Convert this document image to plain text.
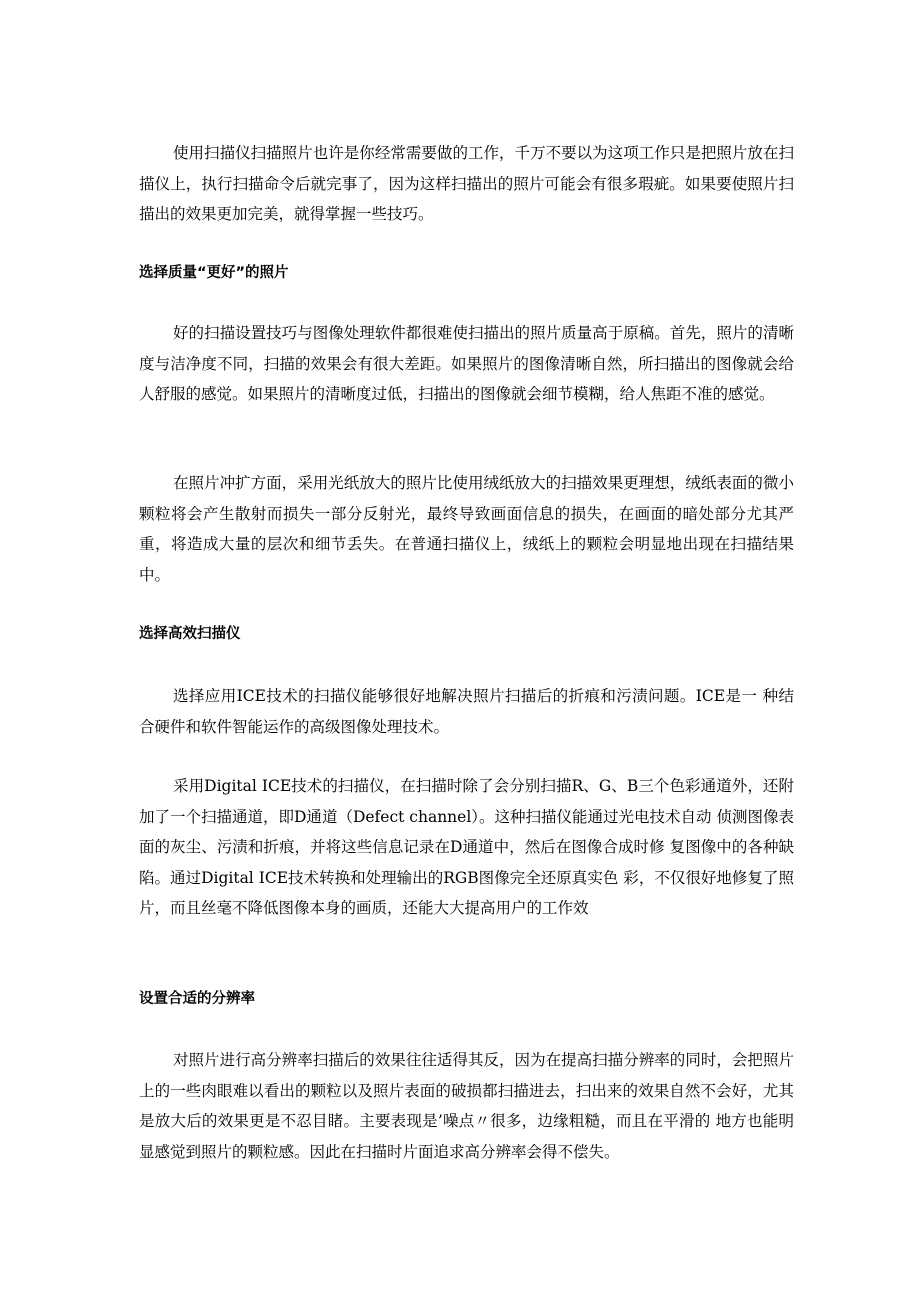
使用扫描仪扫描照片也许是你经常需要做的工作，千万不要以为这项工作只是把照片放在扫描仪上，执行扫描命令后就完事了，因为这样扫描出的照片可能会有很多瑕疵。如果要使照片扫描出的效果更加完美，就得掌握一些技巧。

选择质量“更好”的照片

好的扫描设置技巧与图像处理软件都很难使扫描出的照片质量高于原稿。首先，照片的清晰度与洁净度不同，扫描的效果会有很大差距。如果照片的图像清晰自然，所扫描出的图像就会给人舒服的感觉。如果照片的清晰度过低，扫描出的图像就会细节模糊，给人焦距不准的感觉。

在照片冲扩方面，采用光纸放大的照片比使用绒纸放大的扫描效果更理想，绒纸表面的微小颗粒将会产生散射而损失一部分反射光，最终导致画面信息的损失，在画面的暗处部分尤其严重，将造成大量的层次和细节丢失。在普通扫描仪上，绒纸上的颗粒会明显地出现在扫描结果中。

选择高效扫描仪

选择应用ICE技术的扫描仪能够很好地解决照片扫描后的折痕和污渍问题。ICE是一 种结合硬件和软件智能运作的高级图像处理技术。

采用Digital ICE技术的扫描仪，在扫描时除了会分别扫描R、G、B三个色彩通道外，还附加了一个扫描通道，即D通道（Defect channel）。这种扫描仪能通过光电技术自动 侦测图像表面的灰尘、污渍和折痕，并将这些信息记录在D通道中，然后在图像合成时修 复图像中的各种缺陷。通过Digital ICE技术转换和处理输出的RGB图像完全还原真实色 彩，不仅很好地修复了照片，而且丝毫不降低图像本身的画质，还能大大提高用户的工作效

设置合适的分辨率

对照片进行高分辨率扫描后的效果往往适得其反，因为在提高扫描分辨率的同时，会把照片上的一些肉眼难以看出的颗粒以及照片表面的破损都扫描进去，扫出来的效果自然不会好，尤其是放大后的效果更是不忍目睹。主要表现是’噪点〃很多，边缘粗糙，而且在平滑的 地方也能明显感觉到照片的颗粒感。因此在扫描时片面追求高分辨率会得不偿失。
